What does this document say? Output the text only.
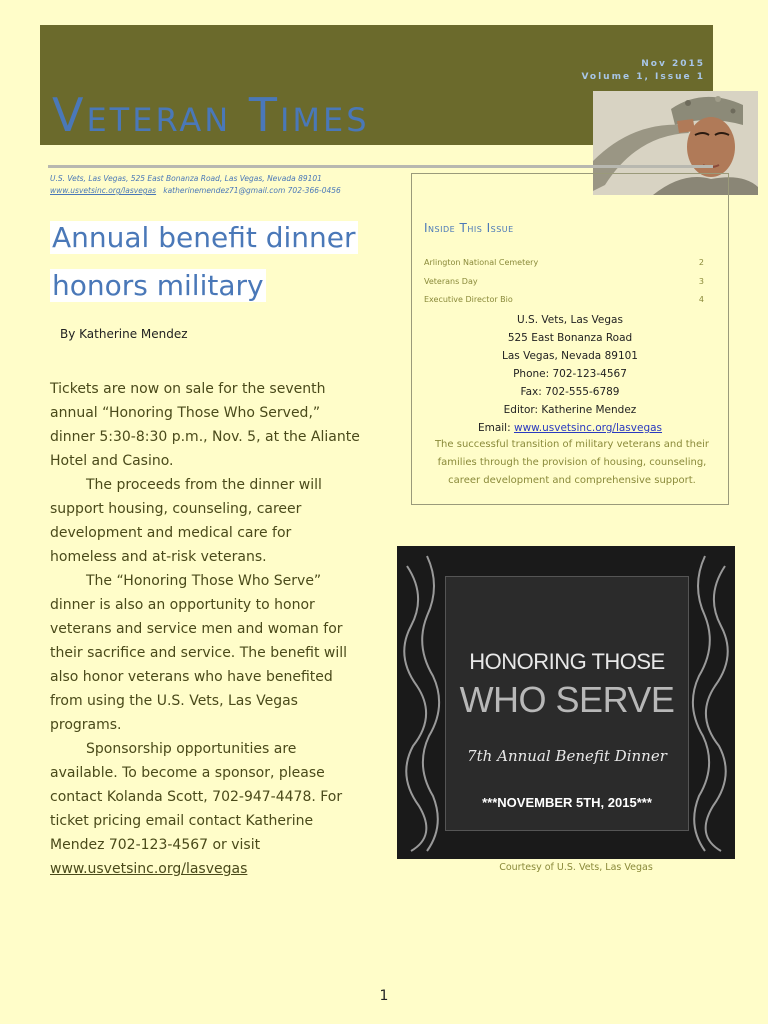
Nov 2015
Volume 1, Issue 1
Veteran Times
U.S. Vets, Las Vegas, 525 East Bonanza Road, Las Vegas, Nevada 89101
www.usvetsinc.org/lasvegas katherinemendez71@gmail.com 702-366-0456
Annual benefit dinner
honors military
By Katherine Mendez

Tickets are now on sale for the seventh annual “Honoring Those Who Served,” dinner 5:30-8:30 p.m., Nov. 5, at the Aliante Hotel and Casino.

The proceeds from the dinner will support housing, counseling, career development and medical care for homeless and at-risk veterans.

The “Honoring Those Who Serve” dinner is also an opportunity to honor veterans and service men and woman for their sacrifice and service. The benefit will also honor veterans who have benefited from using the U.S. Vets, Las Vegas programs.

Sponsorship opportunities are available. To become a sponsor, please contact Kolanda Scott, 702-947-4478. For ticket pricing email contact Katherine Mendez 702-123-4567 or visit www.usvetsinc.org/lasvegas

Inside This Issue
Arlington National Cemetery	2
Veterans Day	3
Executive Director Bio	4
U.S. Vets, Las Vegas
525 East Bonanza Road
Las Vegas, Nevada 89101
Phone: 702-123-4567
Fax: 702-555-6789
Editor: Katherine Mendez
Email: www.usvetsinc.org/lasvegas
The successful transition of military veterans and their families through the provision of housing, counseling, career development and comprehensive support.
HONORING THOSE
WHO SERVE
7th Annual Benefit Dinner
***NOVEMBER 5TH, 2015***
Courtesy of U.S. Vets, Las Vegas
1
